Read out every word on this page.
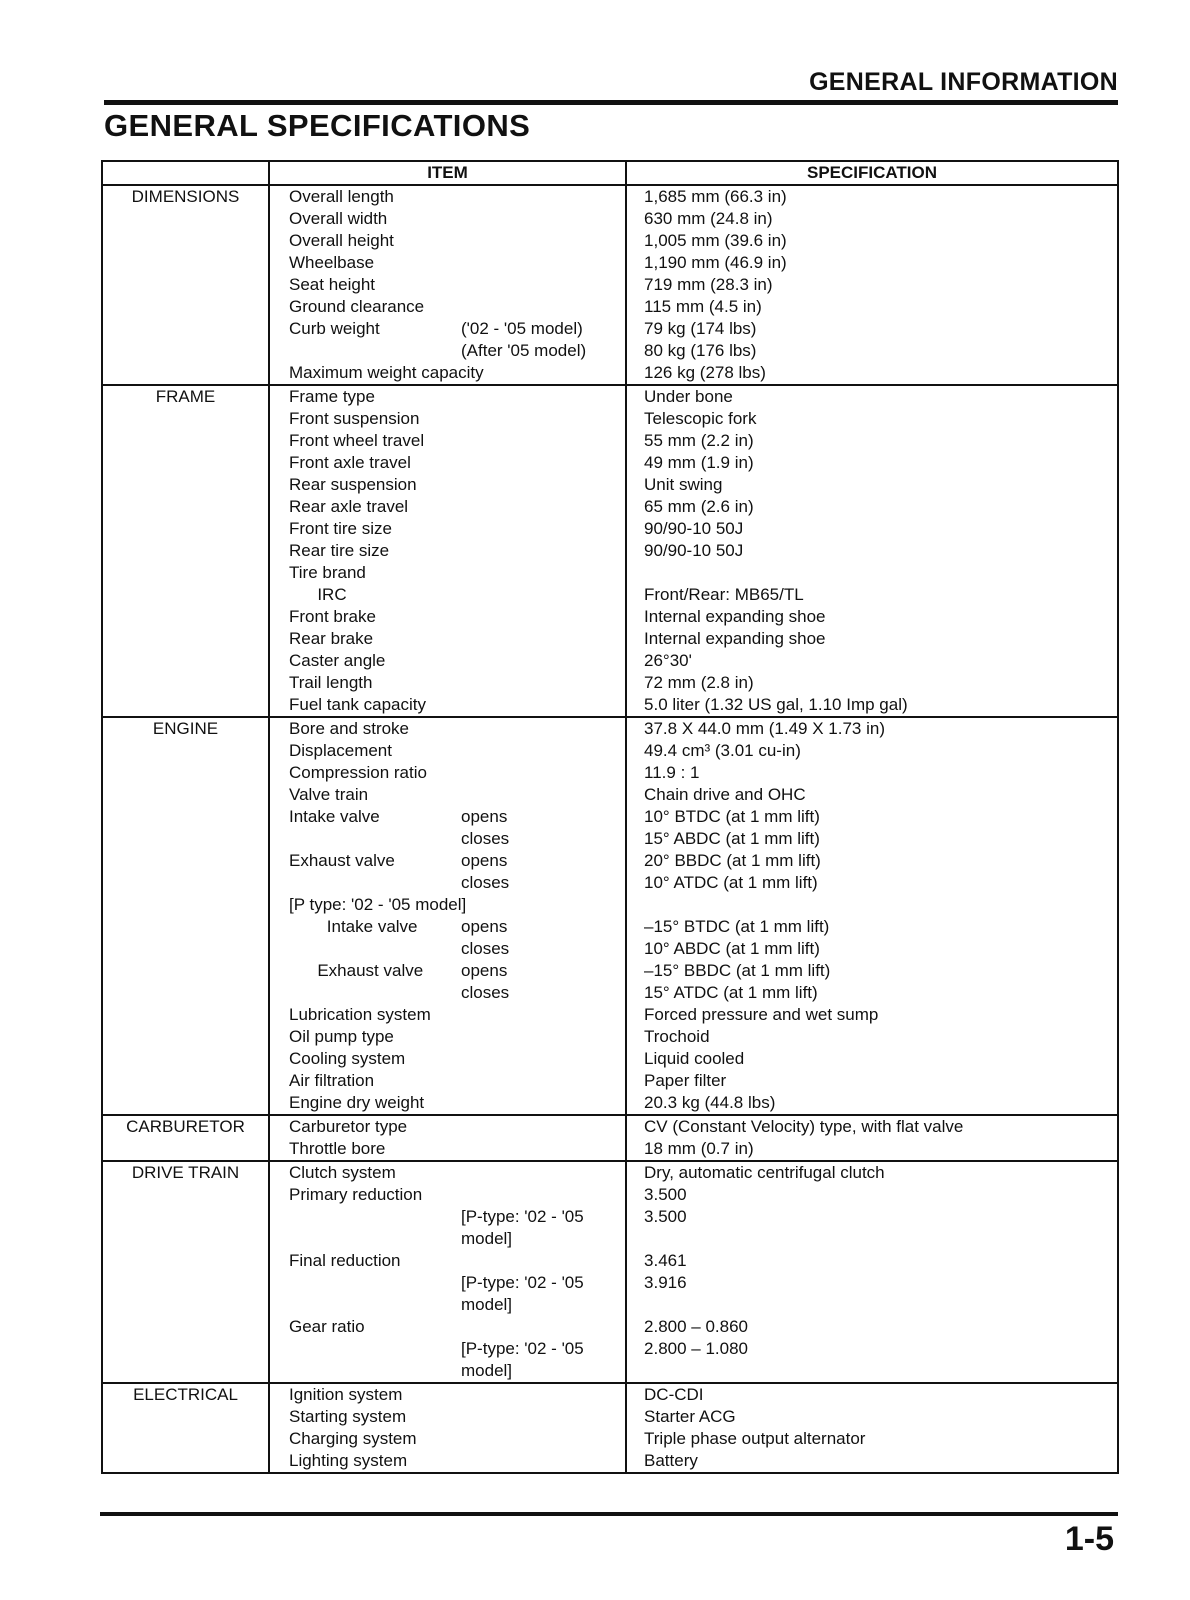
GENERAL INFORMATION
GENERAL SPECIFICATIONS
	ITEM		SPECIFICATION
DIMENSIONS	Overall length		1,685 mm (66.3 in)
	Overall width		630 mm (24.8 in)
	Overall height		1,005 mm (39.6 in)
	Wheelbase		1,190 mm (46.9 in)
	Seat height		719 mm (28.3 in)
	Ground clearance		115 mm (4.5 in)
	Curb weight	('02 - '05 model)	79 kg (174 lbs)
		(After '05 model)	80 kg (176 lbs)
	Maximum weight capacity		126 kg (278 lbs)
FRAME	Frame type		Under bone
	Front suspension		Telescopic fork
	Front wheel travel		55 mm (2.2 in)
	Front axle travel		49 mm (1.9 in)
	Rear suspension		Unit swing
	Rear axle travel		65 mm (2.6 in)
	Front tire size		90/90-10 50J
	Rear tire size		90/90-10 50J
	Tire brand		
	IRC		Front/Rear: MB65/TL
	Front brake		Internal expanding shoe
	Rear brake		Internal expanding shoe
	Caster angle		26°30'
	Trail length		72 mm (2.8 in)
	Fuel tank capacity		5.0 liter (1.32 US gal, 1.10 Imp gal)
ENGINE	Bore and stroke		37.8 X 44.0 mm (1.49 X 1.73 in)
	Displacement		49.4 cm³ (3.01 cu-in)
	Compression ratio		11.9 : 1
	Valve train		Chain drive and OHC
	Intake valve	opens	10° BTDC (at 1 mm lift)
		closes	15° ABDC (at 1 mm lift)
	Exhaust valve	opens	20° BBDC (at 1 mm lift)
		closes	10° ATDC (at 1 mm lift)
	[P type: '02 - '05 model]		
	Intake valve	opens	–15° BTDC (at 1 mm lift)
		closes	10° ABDC (at 1 mm lift)
	Exhaust valve	opens	–15° BBDC (at 1 mm lift)
		closes	15° ATDC (at 1 mm lift)
	Lubrication system		Forced pressure and wet sump
	Oil pump type		Trochoid
	Cooling system		Liquid cooled
	Air filtration		Paper filter
	Engine dry weight		20.3 kg (44.8 lbs)
CARBURETOR	Carburetor type		CV (Constant Velocity) type, with flat valve
	Throttle bore		18 mm (0.7 in)
DRIVE TRAIN	Clutch system		Dry, automatic centrifugal clutch
	Primary reduction		3.500
		[P-type: '02 - '05 model]	3.500
	Final reduction		3.461
		[P-type: '02 - '05 model]	3.916
	Gear ratio		2.800 – 0.860
		[P-type: '02 - '05 model]	2.800 – 1.080
ELECTRICAL	Ignition system		DC-CDI
	Starting system		Starter ACG
	Charging system		Triple phase output alternator
	Lighting system		Battery
1-5
